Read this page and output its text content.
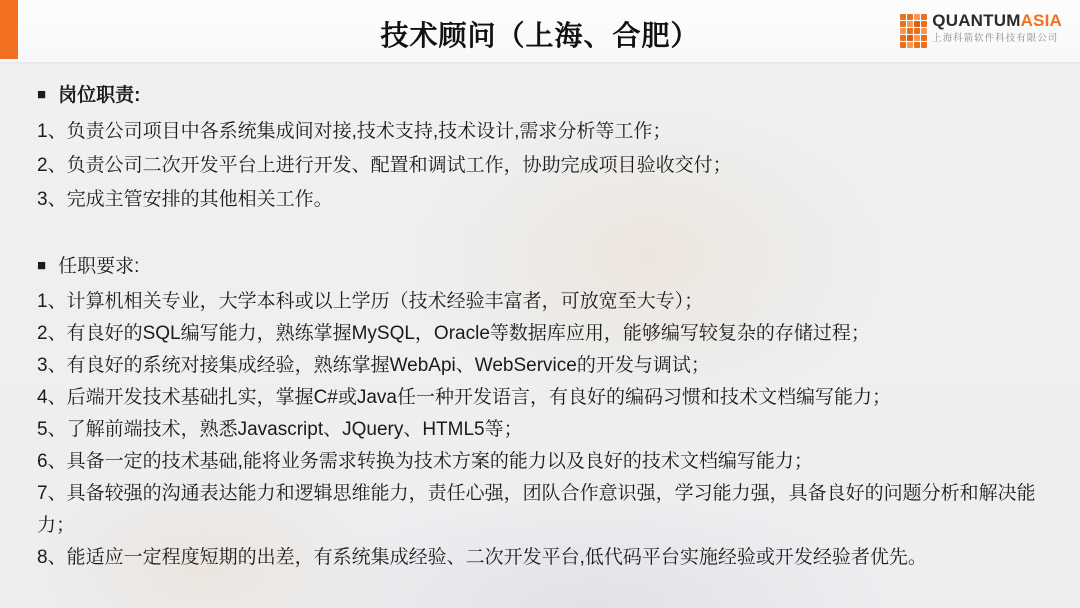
技术顾问（上海、合肥）	QUANTUMASIA
上海科箭软件科技有限公司
■ 岗位职责:
1、负责公司项目中各系统集成间对接,技术支持,技术设计,需求分析等工作；
2、负责公司二次开发平台上进行开发、配置和调试工作，协助完成项目验收交付；
3、完成主管安排的其他相关工作。
■ 任职要求:
1、计算机相关专业，大学本科或以上学历（技术经验丰富者，可放宽至大专）；
2、有良好的SQL编写能力，熟练掌握MySQL，Oracle等数据库应用，能够编写较复杂的存储过程；
3、有良好的系统对接集成经验，熟练掌握WebApi、WebService的开发与调试；
4、后端开发技术基础扎实，掌握C#或Java任一种开发语言，有良好的编码习惯和技术文档编写能力；
5、了解前端技术，熟悉Javascript、JQuery、HTML5等；
6、具备一定的技术基础,能将业务需求转换为技术方案的能力以及良好的技术文档编写能力；
7、具备较强的沟通表达能力和逻辑思维能力，责任心强，团队合作意识强，学习能力强，具备良好的问题分析和解决能力；
8、能适应一定程度短期的出差，有系统集成经验、二次开发平台,低代码平台实施经验或开发经验者优先。
